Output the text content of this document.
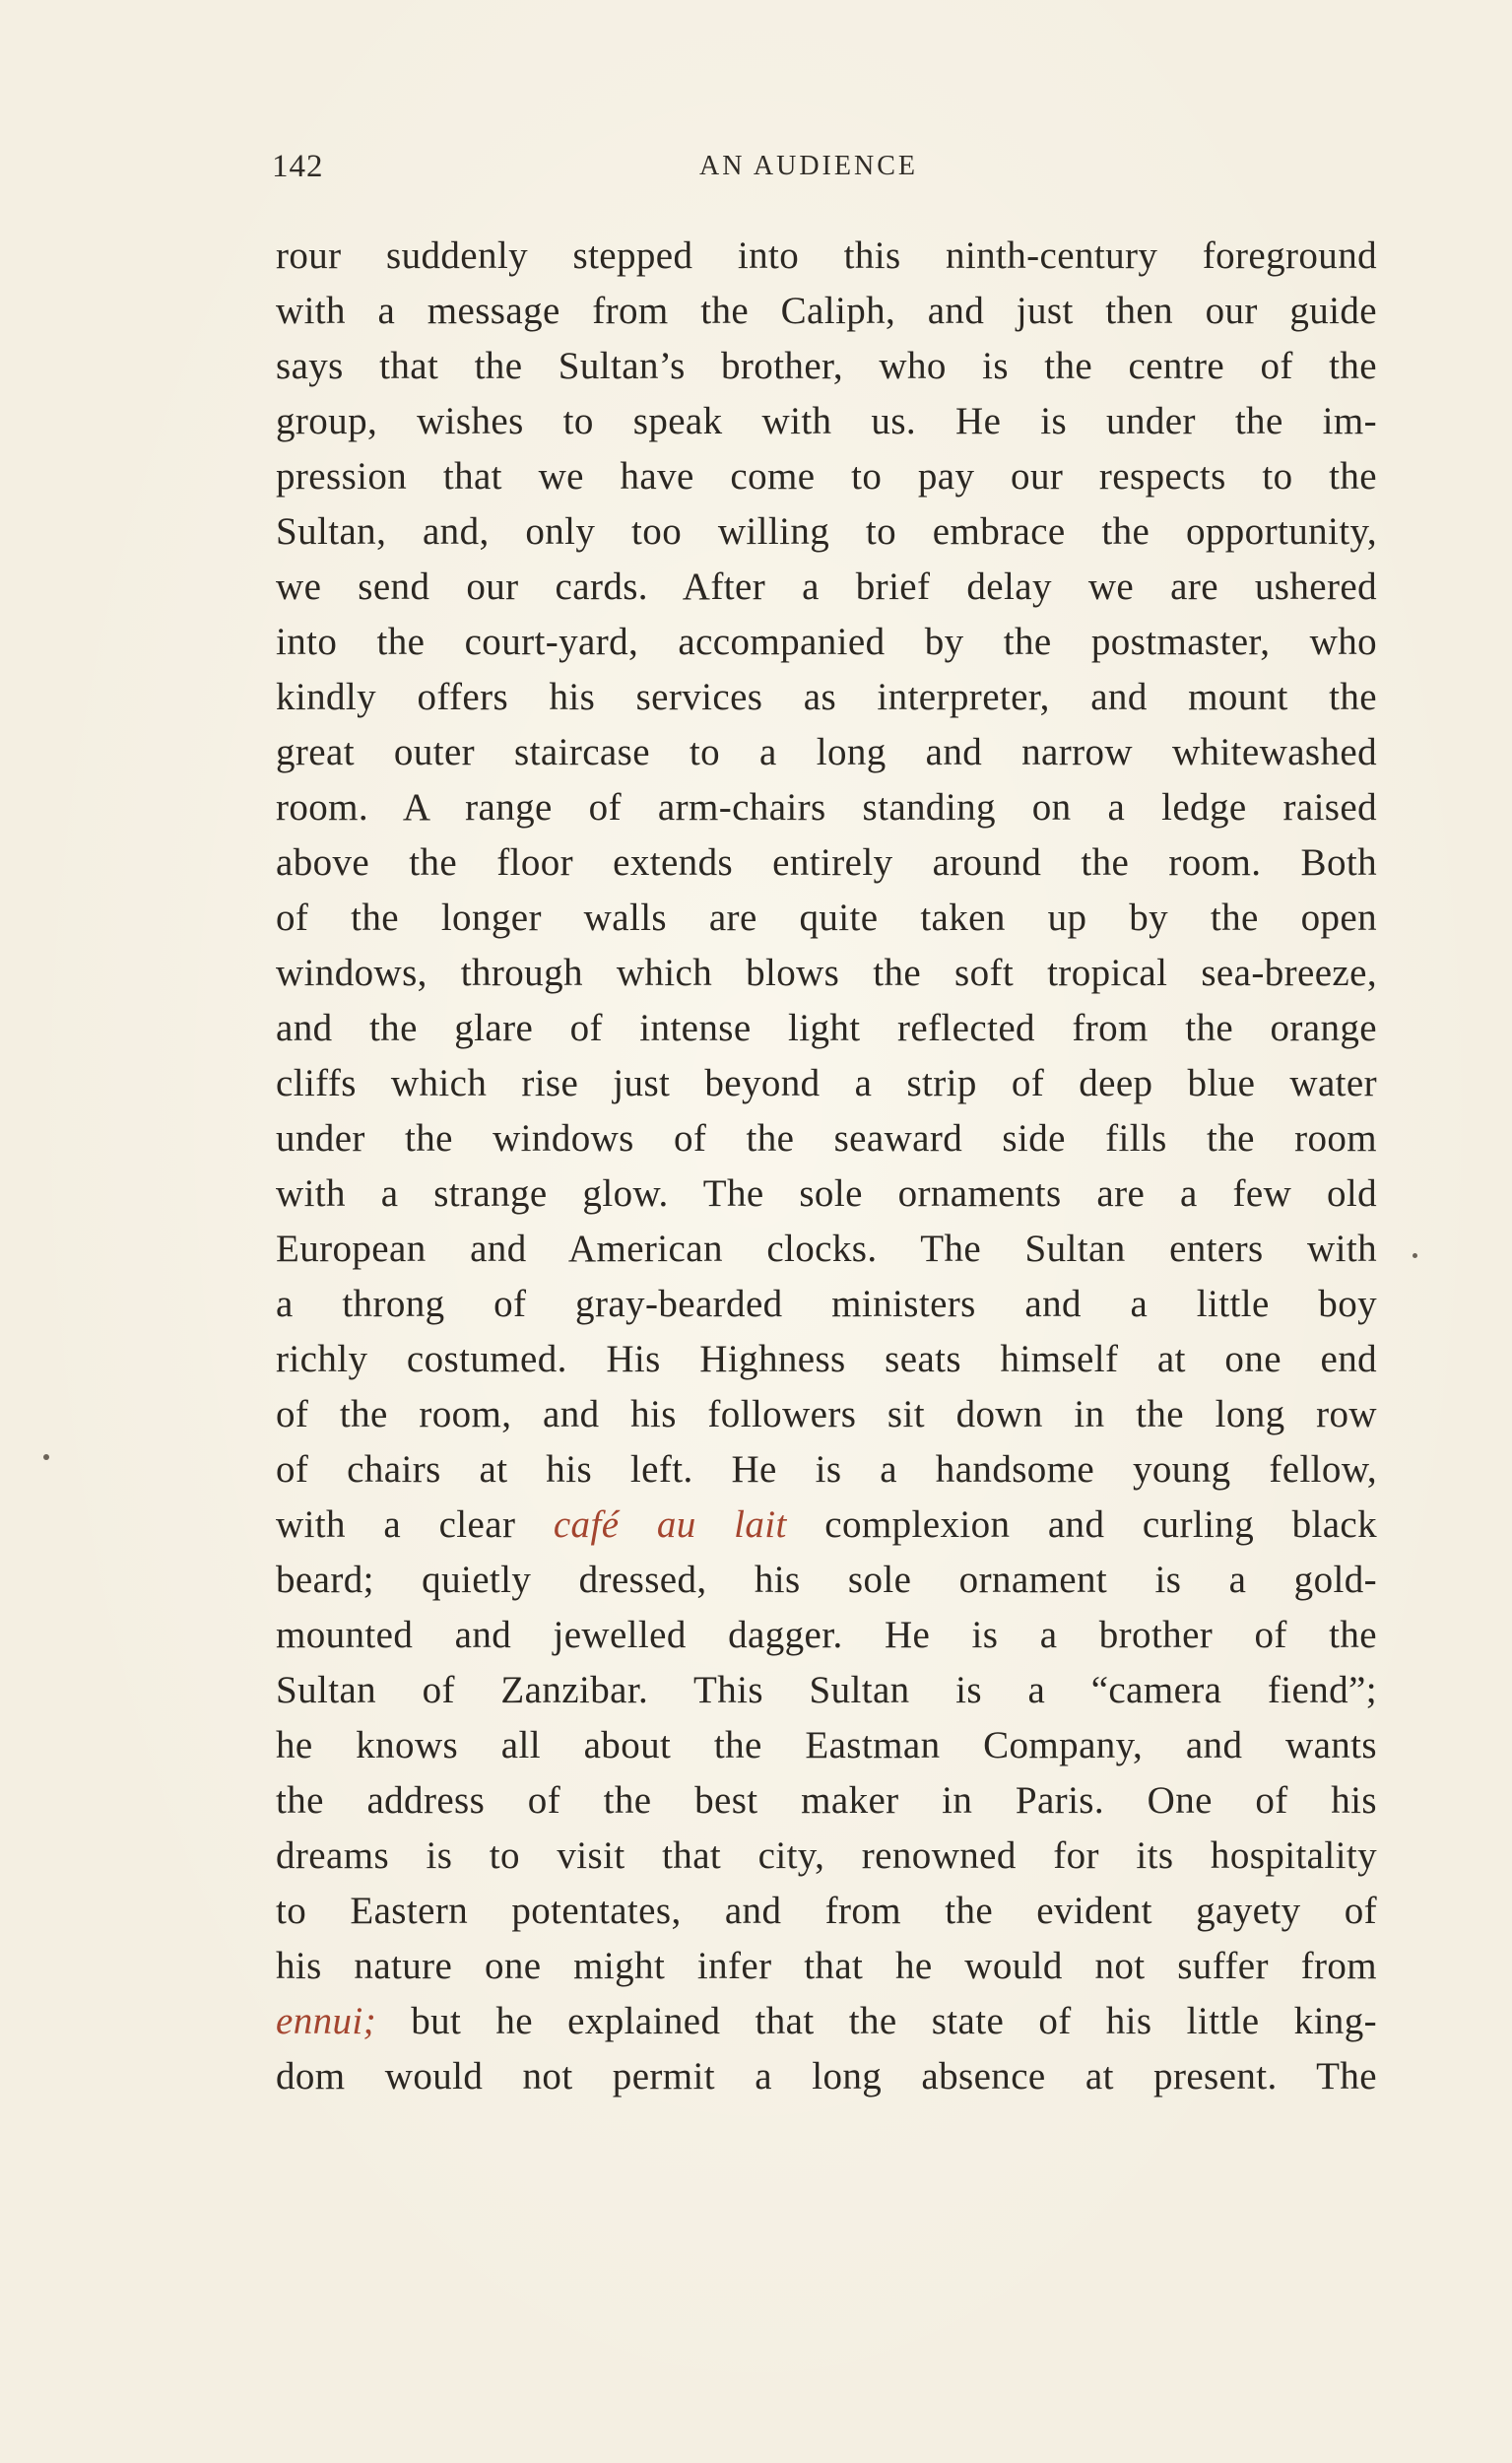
142	AN AUDIENCE
rour suddenly stepped into this ninth-century foreground
with a message from the Caliph, and just then our guide
says that the Sultan’s brother, who is the centre of the
group, wishes to speak with us. He is under the im-
pression that we have come to pay our respects to the
Sultan, and, only too willing to embrace the opportunity,
we send our cards. After a brief delay we are ushered
into the court-yard, accompanied by the postmaster, who
kindly offers his services as interpreter, and mount the
great outer staircase to a long and narrow whitewashed
room. A range of arm-chairs standing on a ledge raised
above the floor extends entirely around the room. Both
of the longer walls are quite taken up by the open
windows, through which blows the soft tropical sea-breeze,
and the glare of intense light reflected from the orange
cliffs which rise just beyond a strip of deep blue water
under the windows of the seaward side fills the room
with a strange glow. The sole ornaments are a few old
European and American clocks. The Sultan enters with
a throng of gray-bearded ministers and a little boy
richly costumed. His Highness seats himself at one end
of the room, and his followers sit down in the long row
of chairs at his left. He is a handsome young fellow,
with a clear café au lait complexion and curling black
beard; quietly dressed, his sole ornament is a gold-
mounted and jewelled dagger. He is a brother of the
Sultan of Zanzibar. This Sultan is a “camera fiend”;
he knows all about the Eastman Company, and wants
the address of the best maker in Paris. One of his
dreams is to visit that city, renowned for its hospitality
to Eastern potentates, and from the evident gayety of
his nature one might infer that he would not suffer from
ennui; but he explained that the state of his little king-
dom would not permit a long absence at present. The
